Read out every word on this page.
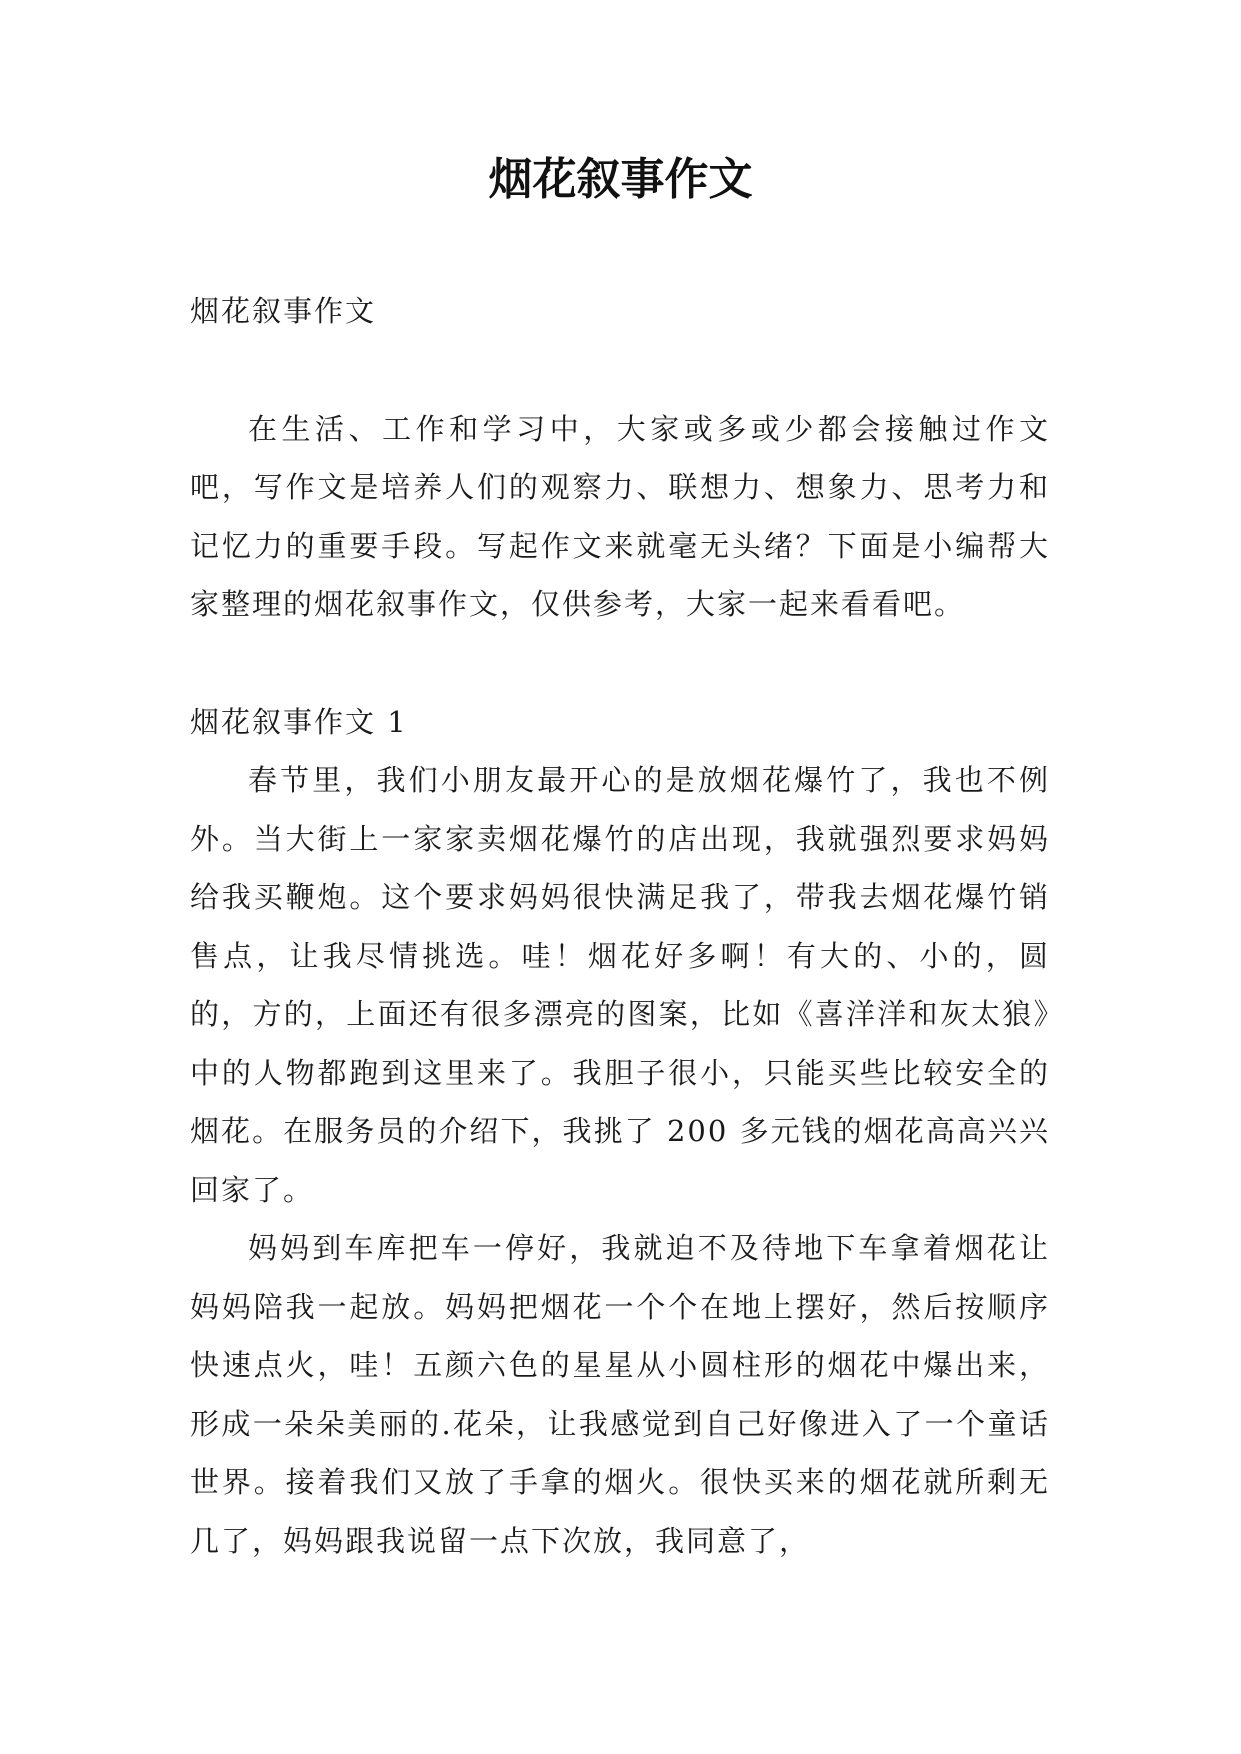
烟花叙事作文

烟花叙事作文

在生活、工作和学习中，大家或多或少都会接触过作文吧，写作文是培养人们的观察力、联想力、想象力、思考力和记忆力的重要手段。写起作文来就毫无头绪？下面是小编帮大家整理的烟花叙事作文，仅供参考，大家一起来看看吧。

烟花叙事作文 1

春节里，我们小朋友最开心的是放烟花爆竹了，我也不例外。当大街上一家家卖烟花爆竹的店出现，我就强烈要求妈妈给我买鞭炮。这个要求妈妈很快满足我了，带我去烟花爆竹销售点，让我尽情挑选。哇！烟花好多啊！有大的、小的，圆的，方的，上面还有很多漂亮的图案，比如《喜洋洋和灰太狼》中的人物都跑到这里来了。我胆子很小，只能买些比较安全的烟花。在服务员的介绍下，我挑了 200 多元钱的烟花高高兴兴回家了。

妈妈到车库把车一停好，我就迫不及待地下车拿着烟花让妈妈陪我一起放。妈妈把烟花一个个在地上摆好，然后按顺序快速点火，哇！五颜六色的星星从小圆柱形的烟花中爆出来，形成一朵朵美丽的.花朵，让我感觉到自己好像进入了一个童话世界。接着我们又放了手拿的烟火。很快买来的烟花就所剩无几了，妈妈跟我说留一点下次放，我同意了，
